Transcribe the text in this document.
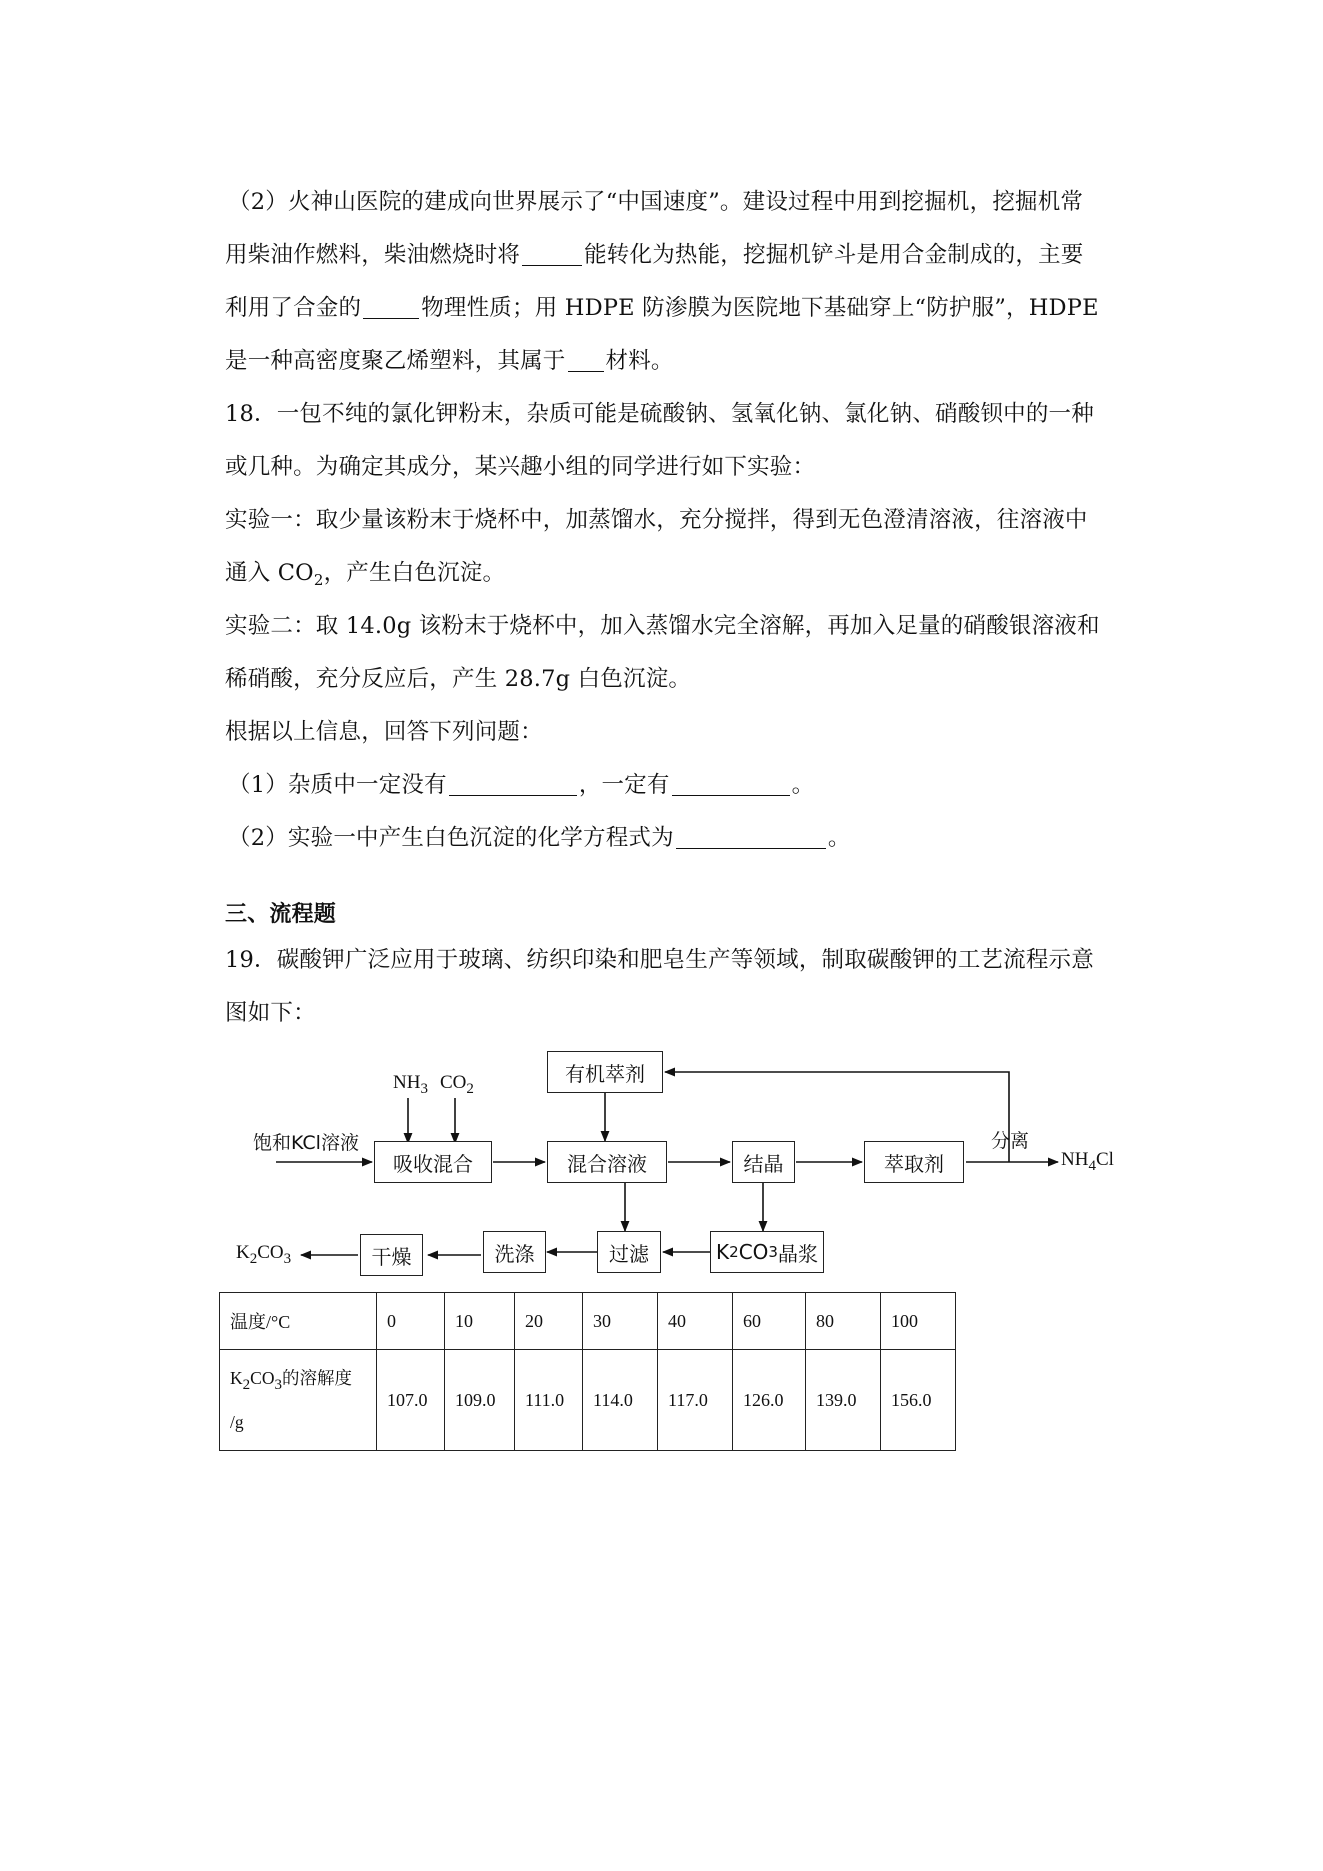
（2）火神山医院的建成向世界展示了“中国速度”。建设过程中用到挖掘机，挖掘机常
用柴油作燃料，柴油燃烧时将	能转化为热能，挖掘机铲斗是用合金制成的，主要
利用了合金的	物理性质；用 HDPE 防渗膜为医院地下基础穿上“防护服”，HDPE
是一种高密度聚乙烯塑料，其属于 材料。
18．一包不纯的氯化钾粉末，杂质可能是硫酸钠、氢氧化钠、氯化钠、硝酸钡中的一种
或几种。为确定其成分，某兴趣小组的同学进行如下实验：
实验一：取少量该粉末于烧杯中，加蒸馏水，充分搅拌，得到无色澄清溶液，往溶液中
通入 $CO_2$，产生白色沉淀。
实验二：取 14.0g 该粉末于烧杯中，加入蒸馏水完全溶解，再加入足量的硝酸银溶液和
稀硝酸，充分反应后，产生 28.7g 白色沉淀。
根据以上信息，回答下列问题：
（1）杂质中一定没有	，一定有	。
（2）实验一中产生白色沉淀的化学方程式为	。
三、流程题
19．碳酸钾广泛应用于玻璃、纺织印染和肥皂生产等领域，制取碳酸钾的工艺流程示意
图如下：
吸收混合
有机萃剂
混合溶液	结晶	萃取剂
K 2 CO 3 晶浆
过滤
洗涤
干燥
饱和KCl溶液
$NH_3$ $CO_2$
分离
$NH_4Cl$
$K_2CO_3$
温度/°C	0	10	20	30	40	60	80	100

$K_2CO_3$的溶解度
/g	107.0	109.0	111.0	114.0	117.0	126.0	139.0	156.0
